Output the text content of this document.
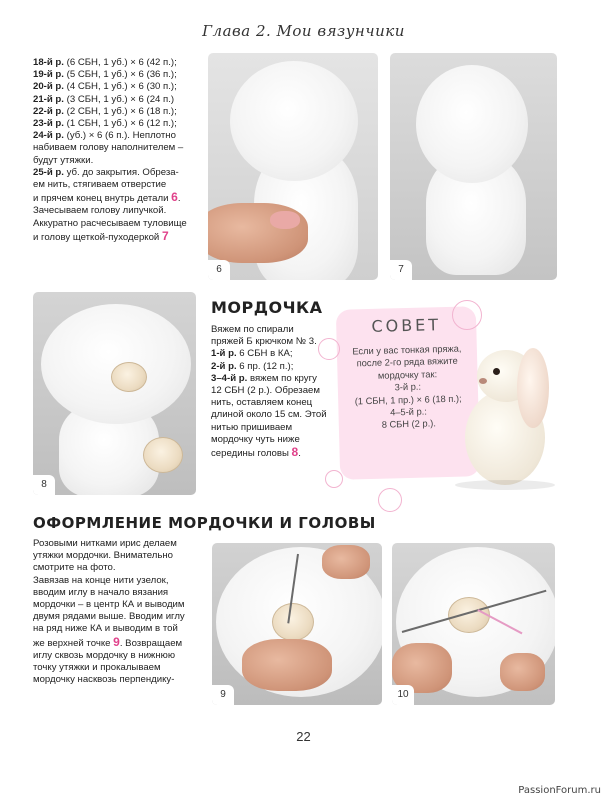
Глава 2. Мои вязунчики
18-й р. (6 СБН, 1 уб.) × 6 (42 п.);
19-й р. (5 СБН, 1 уб.) × 6 (36 п.);
20-й р. (4 СБН, 1 уб.) × 6 (30 п.);
21-й р. (3 СБН, 1 уб.) × 6 (24 п.)
22-й р. (2 СБН, 1 уб.) × 6 (18 п.);
23-й р. (1 СБН, 1 уб.) × 6 (12 п.);
24-й р. (уб.) × 6 (6 п.). Неплотно
набиваем голову наполнителем –
будут утяжки.
25-й р. уб. до закрытия. Обреза-
ем нить, стягиваем отверстие
и прячем конец внутрь детали 6.
Зачесываем голову липучкой.
Аккуратно расчесываем туловище
и голову щеткой-пуходеркой 7
6	7
8
МОРДОЧКА
Вяжем по спирали
пряжей Б крючком № 3.
1-й р. 6 СБН в КА;
2-й р. 6 пр. (12 п.);
3–4-й р. вяжем по кругу
12 СБН (2 р.). Обрезаем
нить, оставляем конец
длиной около 15 см. Этой
нитью пришиваем
мордочку чуть ниже
середины головы 8.
СОВЕТ
Если у вас тонкая пряжа,
после 2-го ряда вяжите
мордочку так:
3-й р.:
(1 СБН, 1 пр.) × 6 (18 п.);
4–5-й р.:
8 СБН (2 р.).
ОФОРМЛЕНИЕ МОРДОЧКИ И ГОЛОВЫ
Розовыми нитками ирис делаем
утяжки мордочки. Внимательно
смотрите на фото.
Завязав на конце нити узелок,
вводим иглу в начало вязания
мордочки – в центр КА и выводим
двумя рядами выше. Вводим иглу
на ряд ниже КА и выводим в той
же верхней точке 9. Возвращаем
иглу сквозь мордочку в нижнюю
точку утяжки и прокалываем
мордочку насквозь перпендику-
9	10
22
PassionForum.ru
